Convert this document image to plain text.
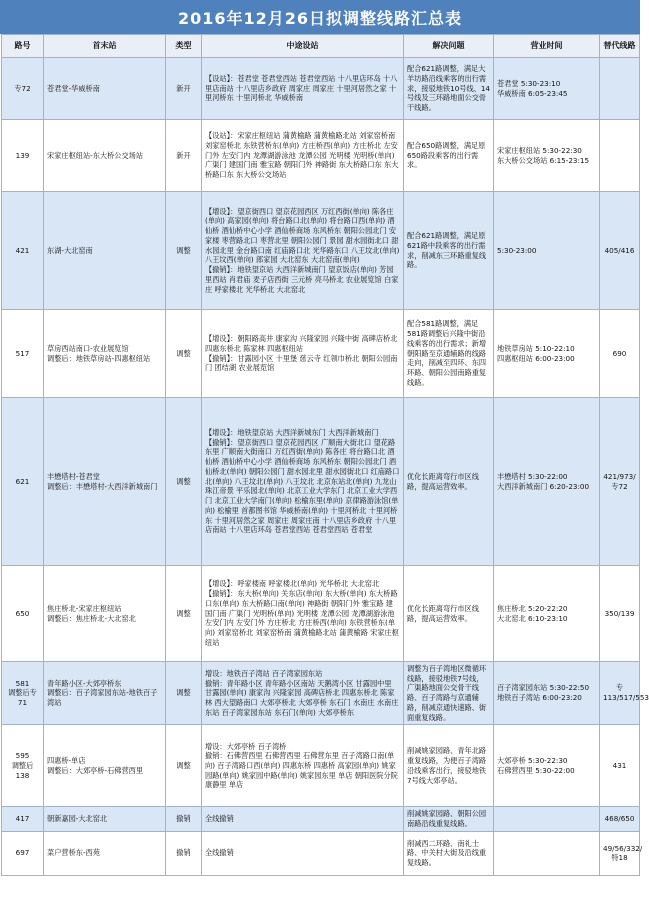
2016年12月26日拟调整线路汇总表
路号	首末站	类型	中途设站	解决问题	营业时间	替代线路

专72	苍君堂-华威桥南	新开	【设站】：苍君堂 苍君堂西站 苍君堂西站 十八里店环岛 十八里店南站 十八里店乡政府 周家庄 周家庄 十里河居然之家 十里河桥东 十里河桥北 华威桥南	配合621路调整，满足大羊坊路沿线乘客的出行需求，接驳地铁10号线、14号线及三环路地面公交骨干线路。	苍君堂 5:30-23:10
华威桥南 6:05-23:45	

139	宋家庄枢纽站-东大桥公交场站	新开	【设站】：宋家庄枢纽站 蒲黄榆路 蒲黄榆路北站 刘家窑桥南 刘家窑桥北 东铁营桥东(单向) 方庄桥西(单向) 方庄桥北 左安门外 左安门内 龙潭湖游泳池 龙潭公园 光明楼 光明桥(单向) 广渠门 建国门南 雅宝路 朝阳门外 神路街 东大桥路口东 东大桥路口东 东大桥公交场站	配合650路调整，满足原650路段乘客的出行需求。	宋家庄枢纽站 5:30-22:30
东大桥公交场站 6:15-23:15	

421	东湖-大北窑南	调整	【增设】：望京街西口 望京花园西区 万红西街(单向) 陈各庄(单向) 高家园(单向) 将台路口北(单向) 将台路口西(单向) 酒仙桥 酒仙桥中心小学 酒仙桥商场 东风桥东 朝阳公园北门 安家楼 枣营路北口 枣营北里 朝阳公园门 景园 甜水园街北口 甜水园北里 金台路口南 红庙路口北 光华路东口 八王坟北(单向) 八王坟西(单向) 郎家园 大北窑东 大北窑南(单向)
【撤销】：地铁望京站 大西洋新城南门 望京饭店(单向) 芳园里西站 肖君庙 麦子店西街 三元桥 亮马桥北 农业展览馆 白家庄 呼家楼北 光华桥北 大北窑北	配合621路调整，满足原621路中段乘客的出行需求，削减东三环路重复线路。	5:30-23:00	405/416

517	草房西站南口-农业展览馆
调整后：地铁草房站-四惠枢纽站	调整	【增设】：朝阳路高井 康家沟 兴隆家园 兴隆中街 高碑店桥北 四惠东桥北 陈家林 四惠枢纽站
【撤销】：甘露园小区 十里堡 慈云寺 红领巾桥北 朝阳公园南门 团结湖 农业展览馆	配合581路调整，满足581路调整后兴隆中街沿线乘客的出行需求；新增朝阳路至京通辅路的线路走向，削减至四环、东四环路、朝阳公园南路重复线路。	地铁草房站 5:10-22:10
四惠枢纽站 6:00-23:00	690

621	丰懋塔村-苍君堂
调整后：丰懋塔村-大西洋新城南门	调整	【增设】：地铁望京站 大西洋新城东门 大西洋新城南门
【撤销】：望京街西口 望京花园西区 广顺南大街北口 望花路东里 广顺南大街南口 万红西街(单向) 陈各庄 将台路口北 酒仙桥 酒仙桥中心小学 酒仙桥商场 东风桥东 朝阳公园北门 酒仙桥北(单向) 朝阳公园门 甜水园北里 甜水园街北口 红庙路口北(单向) 八王坟北(单向) 八王坟北 北京东站北(单向) 九龙山 珠江帝景 平乐园北(单向) 北京工业大学东门 北京工业大学西门 北京工业大学南门(单向) 松榆东里(单向) 京律路游泳馆(单向) 松榆里 首都图书馆 华威桥南(单向) 十里河桥北 十里河桥东 十里河居然之家 周家庄 周家庄南 十八里店乡政府 十八里店南站 十八里店环岛 苍君堂西站 苍君堂西站 苍君堂	优化长距离弯行市区线路，提高运营效率。	丰懋塔村 5:30-22:00
大西洋新城南门 6:20-23:00	421/973/专72

650	焦庄桥北-宋家庄枢纽站
调整后：焦庄桥北-大北窑北	调整	【增设】：呼家楼南 呼家楼北(单向) 光华桥北 大北窑北
【撤销】：东大桥(单向) 关东店(单向) 东大桥(单向) 东大桥路口东(单向) 东大桥路口南(单向) 神路街 朝阳门外 雅宝路 建国门南 广渠门 光明桥(单向) 光明楼 龙潭公园 龙潭湖游泳池 左安门内 左安门外 方庄桥北 方庄桥西(单向) 东铁营桥东(单向) 刘家窑桥北 刘家窑桥南 蒲黄榆路北站 蒲黄榆路 宋家庄枢纽站	优化长距离弯行市区线路，提高运营效率。	焦庄桥北 5:20-22:20
大北窑北 6:10-23:10	350/139

581
调整后专71	青年路小区-大郊亭桥东
调整后：百子湾家园东站-地铁百子湾站	调整	增设：地铁百子湾站 百子湾家园东站
撤销：青年路小区 青年路小区南站 天鹅湾小区 甘露园中里 甘露园(单向) 康家沟 兴隆家园 高碑店桥北 四惠东桥北 陈家林 西大望路南口 大郊亭桥北 大郊亭桥 东石门 水南庄 水南庄东站 百子湾家园东站 东石门(单向) 大郊亭桥东	调整为百子湾地区微循环线路，接驳地铁7号线，广渠路地面公交骨干线路、百子湾路与京通辅路，削减京通快速路、街面重复线路。	百子湾家园东站 5:30-22:50
地铁百子湾站 6:00-23:20	专113/517/553

595
调整后138	四惠桥-单店
调整后：大郊亭桥-石佛营西里	调整	增设：大郊亭桥 百子湾桥
撤销：石佛营西里 石佛营西里 石佛营东里 百子湾路口南(单向) 百子湾路口西(单向) 四惠东桥 四惠桥 高家园(单向) 姚家园路(单向) 姚家园中路(单向) 姚家园东里 单店 朝阳医院分院 康静里 单店	削减姚家园路、青年北路重复线路，为便百子湾路沿线乘客出行，接驳地铁7号线大郊亭站。	大郊亭桥 5:30-22:30
石佛营西里 5:30-22:00	431

417	朝新嘉园-大北窑北	撤销	全线撤销	削减姚家园路、朝阳公园南路沿线重复线路。		468/650

697	菜户营桥东-西苑	撤销	全线撤销	削减西二环路、南礼士路、中关村大街及沿线重复线路。		49/56/332/特18
